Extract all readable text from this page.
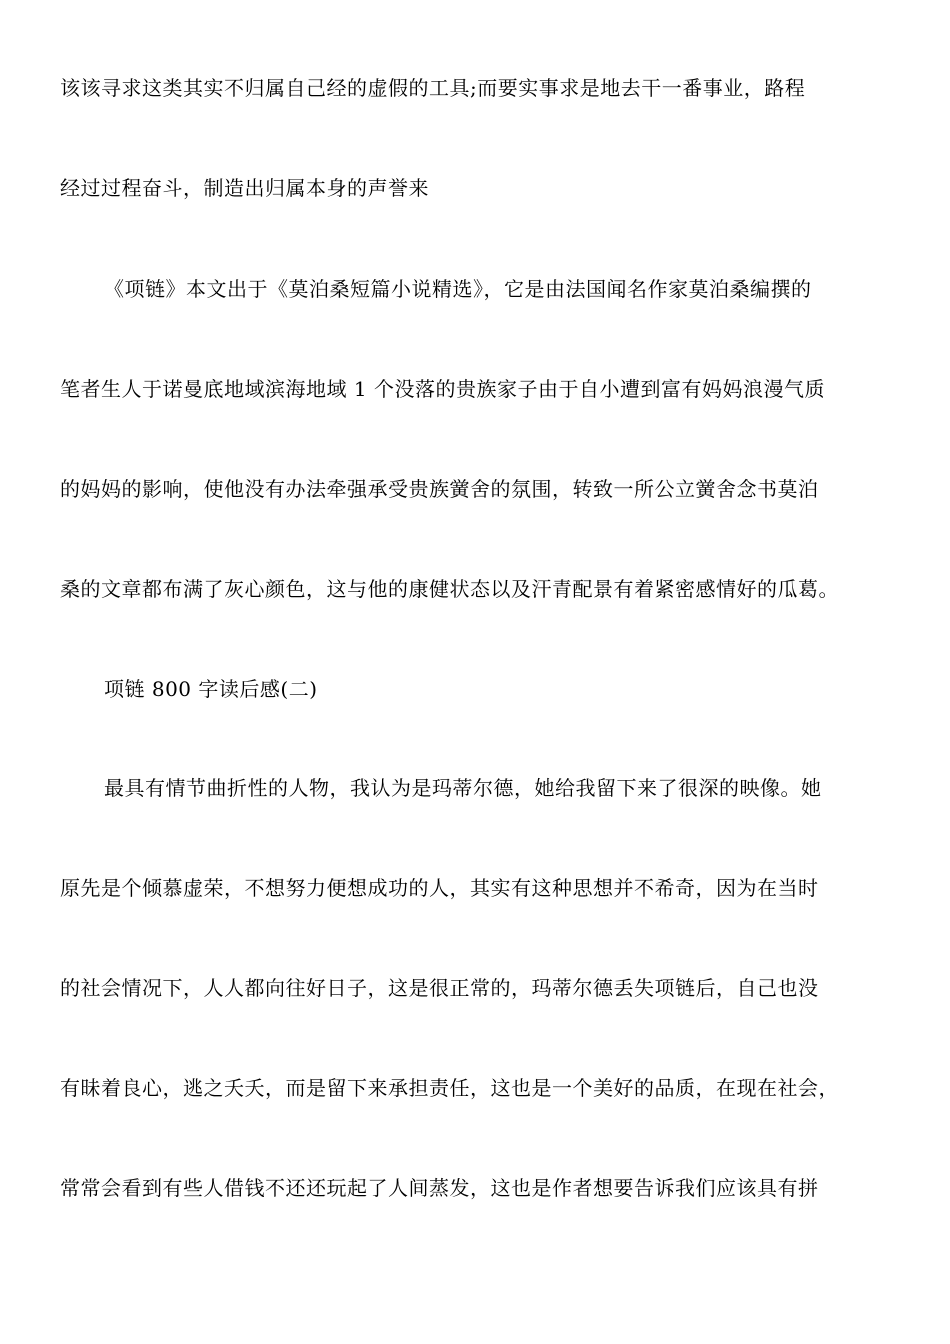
该该寻求这类其实不归属自己经的虚假的工具;而要实事求是地去干一番事业，路程
经过过程奋斗，制造出归属本身的声誉来
《项链》本文出于《莫泊桑短篇小说精选》，它是由法国闻名作家莫泊桑编撰的
笔者生人于诺曼底地域滨海地域 1 个没落的贵族家子由于自小遭到富有妈妈浪漫气质
的妈妈的影响，使他没有办法牵强承受贵族黉舍的氛围，转致一所公立黉舍念书莫泊
桑的文章都布满了灰心颜色，这与他的康健状态以及汗青配景有着紧密感情好的瓜葛。
项链 800 字读后感(二)
最具有情节曲折性的人物，我认为是玛蒂尔德，她给我留下来了很深的映像。她
原先是个倾慕虚荣，不想努力便想成功的人，其实有这种思想并不希奇，因为在当时
的社会情况下，人人都向往好日子，这是很正常的，玛蒂尔德丢失项链后，自己也没
有昧着良心，逃之夭夭，而是留下来承担责任，这也是一个美好的品质，在现在社会，
常常会看到有些人借钱不还还玩起了人间蒸发，这也是作者想要告诉我们应该具有拼
